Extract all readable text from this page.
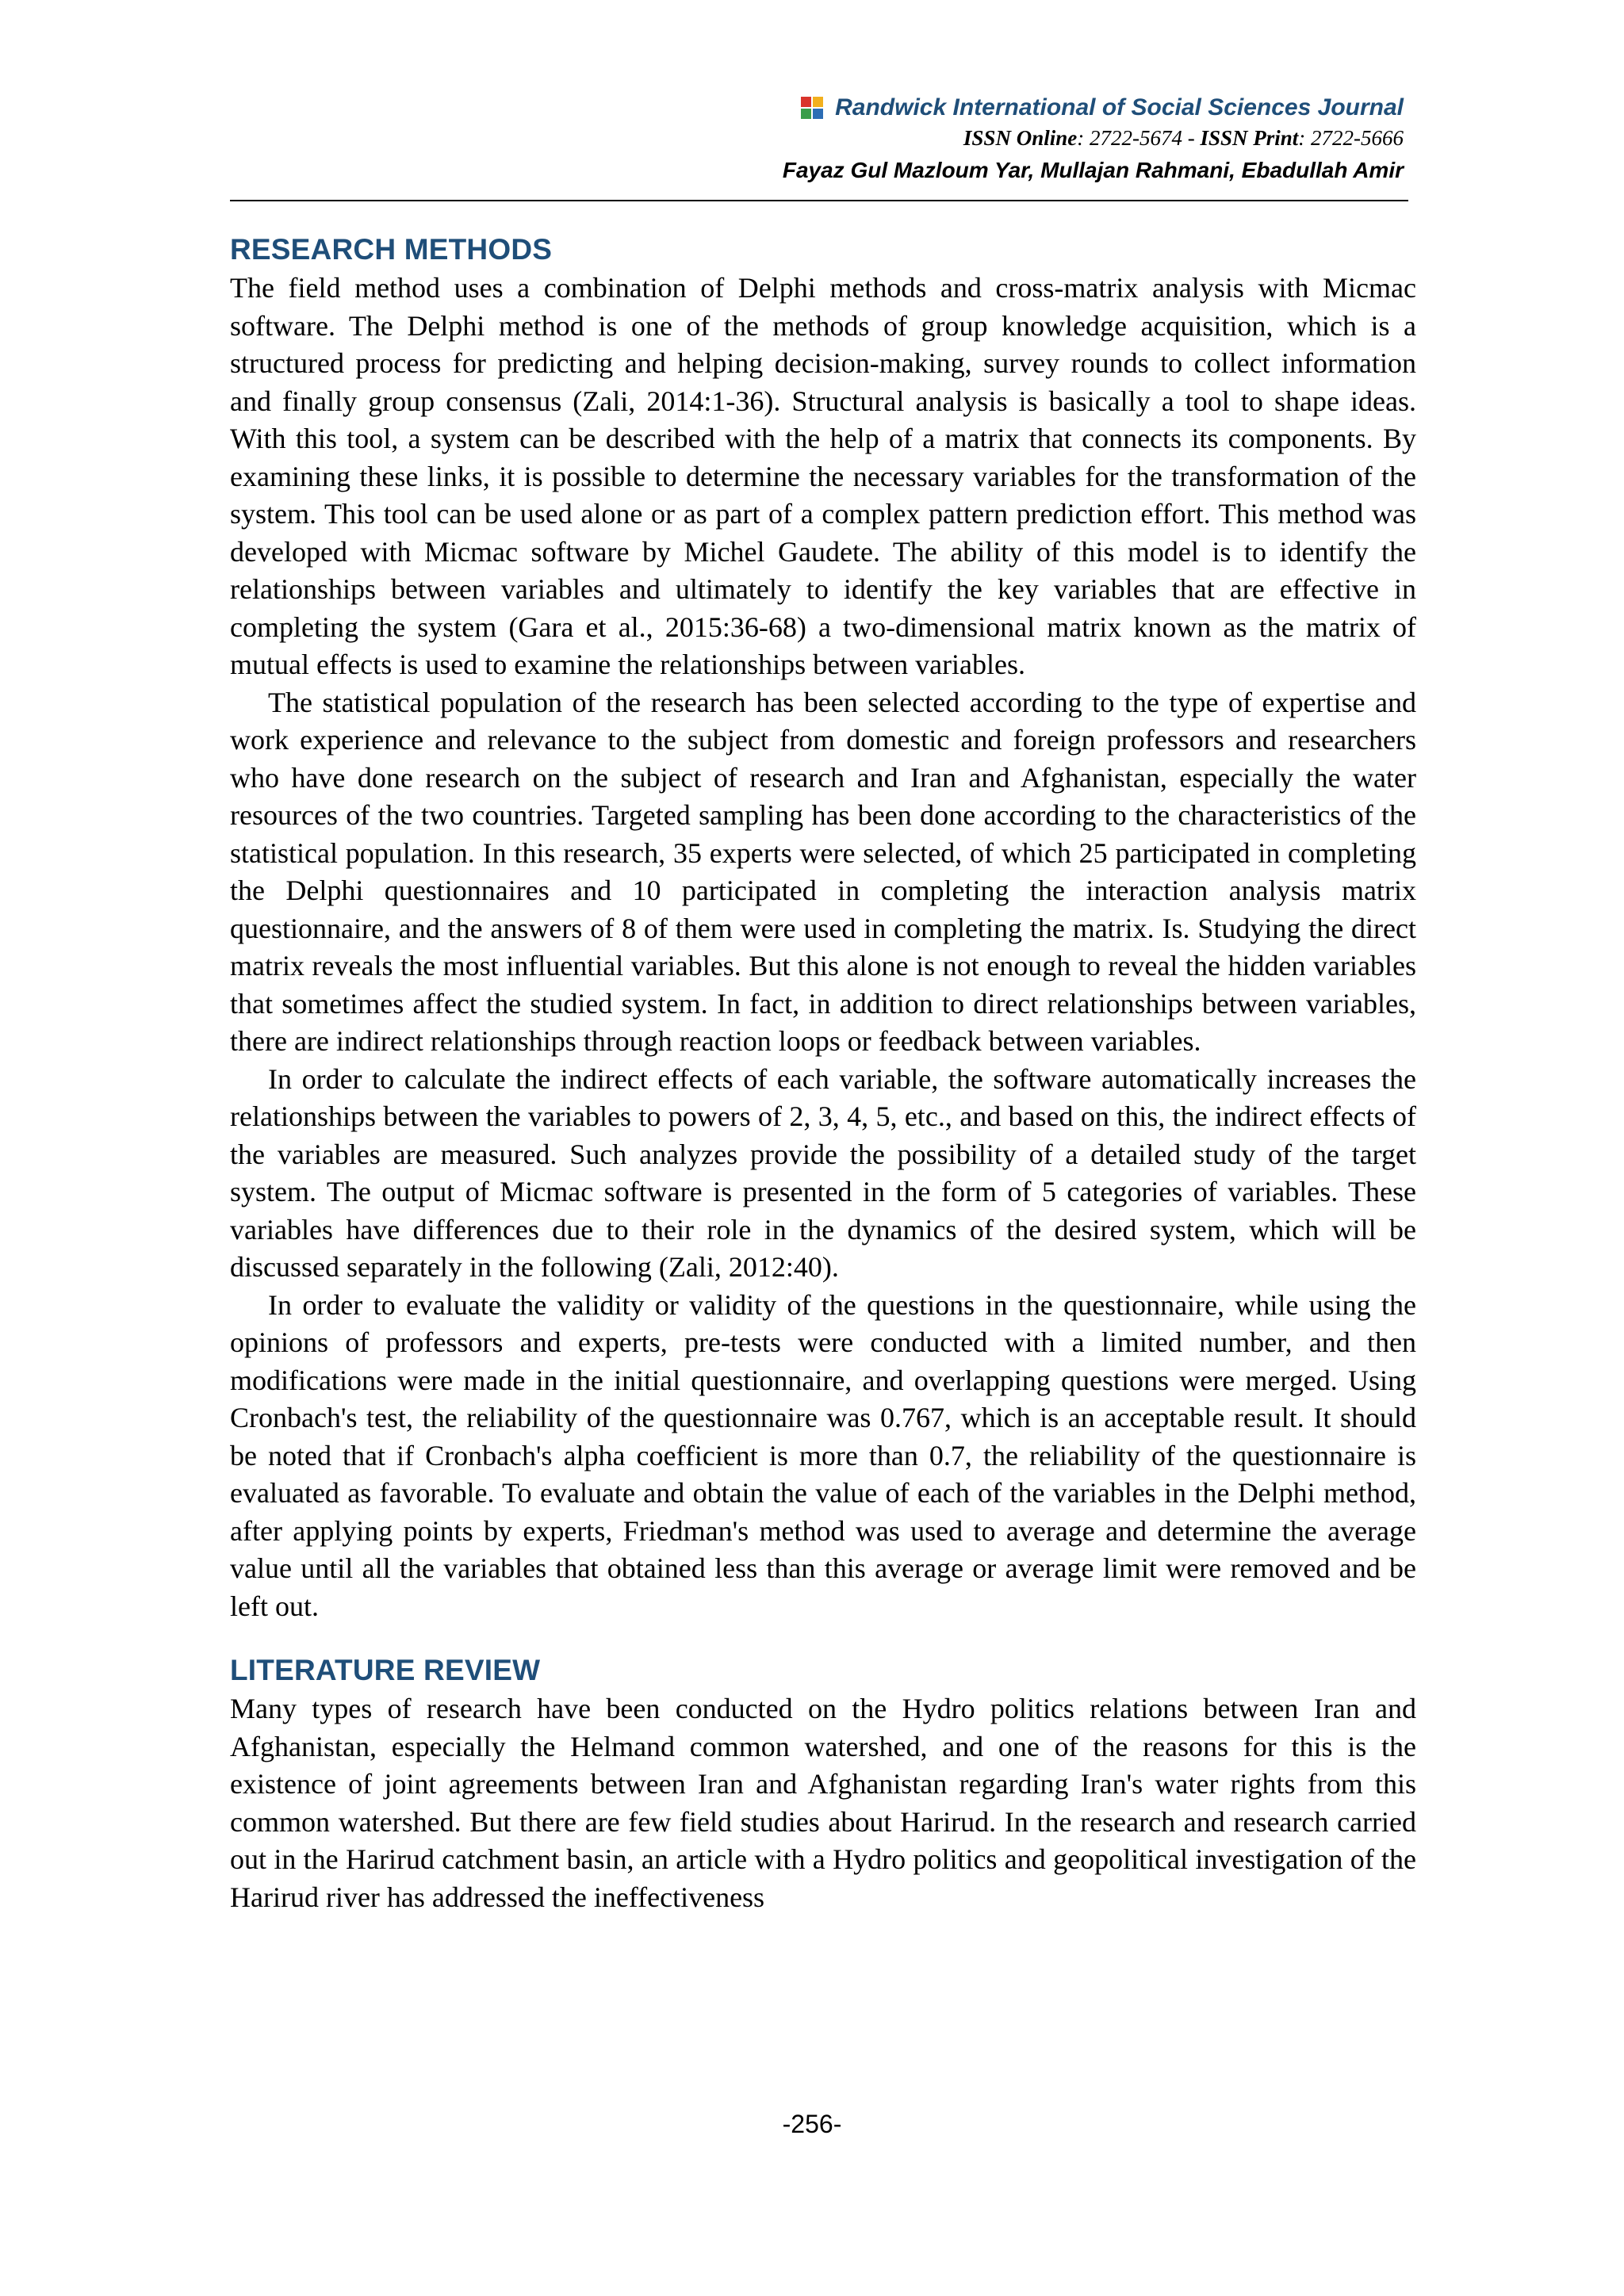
Randwick International of Social Sciences Journal
ISSN Online: 2722-5674 - ISSN Print: 2722-5666
Fayaz Gul Mazloum Yar, Mullajan Rahmani, Ebadullah Amir
RESEARCH METHODS

The field method uses a combination of Delphi methods and cross-matrix analysis with Micmac software. The Delphi method is one of the methods of group knowledge acquisition, which is a structured process for predicting and helping decision-making, survey rounds to collect information and finally group consensus (Zali, 2014:1-36). Structural analysis is basically a tool to shape ideas. With this tool, a system can be described with the help of a matrix that connects its components. By examining these links, it is possible to determine the necessary variables for the transformation of the system. This tool can be used alone or as part of a complex pattern prediction effort. This method was developed with Micmac software by Michel Gaudete. The ability of this model is to identify the relationships between variables and ultimately to identify the key variables that are effective in completing the system (Gara et al., 2015:36-68) a two-dimensional matrix known as the matrix of mutual effects is used to examine the relationships between variables.

The statistical population of the research has been selected according to the type of expertise and work experience and relevance to the subject from domestic and foreign professors and researchers who have done research on the subject of research and Iran and Afghanistan, especially the water resources of the two countries. Targeted sampling has been done according to the characteristics of the statistical population. In this research, 35 experts were selected, of which 25 participated in completing the Delphi questionnaires and 10 participated in completing the interaction analysis matrix questionnaire, and the answers of 8 of them were used in completing the matrix. Is. Studying the direct matrix reveals the most influential variables. But this alone is not enough to reveal the hidden variables that sometimes affect the studied system. In fact, in addition to direct relationships between variables, there are indirect relationships through reaction loops or feedback between variables.

In order to calculate the indirect effects of each variable, the software automatically increases the relationships between the variables to powers of 2, 3, 4, 5, etc., and based on this, the indirect effects of the variables are measured. Such analyzes provide the possibility of a detailed study of the target system. The output of Micmac software is presented in the form of 5 categories of variables. These variables have differences due to their role in the dynamics of the desired system, which will be discussed separately in the following (Zali, 2012:40).

In order to evaluate the validity or validity of the questions in the questionnaire, while using the opinions of professors and experts, pre-tests were conducted with a limited number, and then modifications were made in the initial questionnaire, and overlapping questions were merged. Using Cronbach's test, the reliability of the questionnaire was 0.767, which is an acceptable result. It should be noted that if Cronbach's alpha coefficient is more than 0.7, the reliability of the questionnaire is evaluated as favorable. To evaluate and obtain the value of each of the variables in the Delphi method, after applying points by experts, Friedman's method was used to average and determine the average value until all the variables that obtained less than this average or average limit were removed and be left out.

LITERATURE REVIEW

Many types of research have been conducted on the Hydro politics relations between Iran and Afghanistan, especially the Helmand common watershed, and one of the reasons for this is the existence of joint agreements between Iran and Afghanistan regarding Iran's water rights from this common watershed. But there are few field studies about Harirud. In the research and research carried out in the Harirud catchment basin, an article with a Hydro politics and geopolitical investigation of the Harirud river has addressed the ineffectiveness

-256-
